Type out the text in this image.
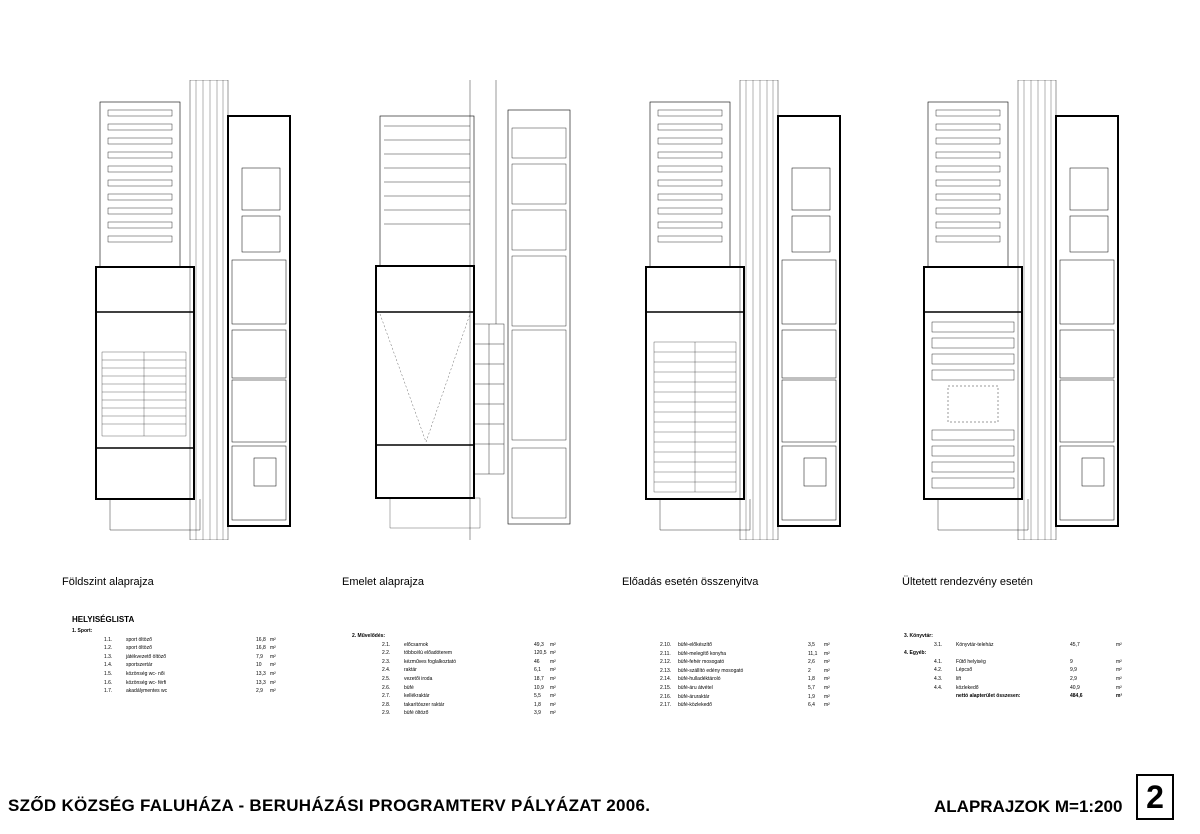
Földszint alaprajza	Emelet alaprajza	Előadás esetén összenyitva	Ültetett rendezvény esetén
HELYISÉGLISTA
1. Sport:
1.1.	sport öltöző	16,8 m²
1.2.	sport öltöző	16,8 m²
1.3.	játékvezető öltöző	7,9 m²
1.4.	sportszertár	10 m²
1.5.	közönség wc- női	13,3 m²
1.6.	közönség wc- férfi	13,3 m²
1.7.	akadálymentes wc	2,9 m²
2. Művelődés:
2.1.	előcsarnok	49,3 m²
2.2.	többcélú előadóterem	120,5 m²
2.3.	kézműves foglalkoztató	46 m²
2.4.	raktár	6,1 m²
2.5.	vezetői iroda	18,7 m²
2.6.	büfé	10,9 m²
2.7.	kellékraktár	5,5 m²
2.8.	takarítószer raktár	1,8 m²
2.9.	büfé öltöző	3,9 m²
2.10. büfé-előkészítő	3,5 m²
2.11. büfé-melegítő konyha	11,1 m²
2.12. büfé-fehér mosogató	2,6 m²
2.13. büfé-szállító edény mosogató	2	m²
2.14. büfé-hulladéktároló	1,8 m²
2.15. büfé-áru átvétel	5,7 m²
2.16. büfé-áruraktár	1,9 m²
2.17. büfé-közlekedő	6,4 m²
3. Könyvtár:
3.1.	Könyvtár-teleház	45,7	m²
4. Egyéb:
4.1.	Fűtő helyiség	9	m²
4.2.	Lépcső	9,9	m²
4.3.	lift	2,9	m²
4.4.	közlekedő	40,9	m²
nettó alapterület összesen:	484,6	m²
SZŐD KÖZSÉG FALUHÁZA - BERUHÁZÁSI PROGRAMTERV PÁLYÁZAT 2006.	ALAPRAJZOK M=1:200 2
